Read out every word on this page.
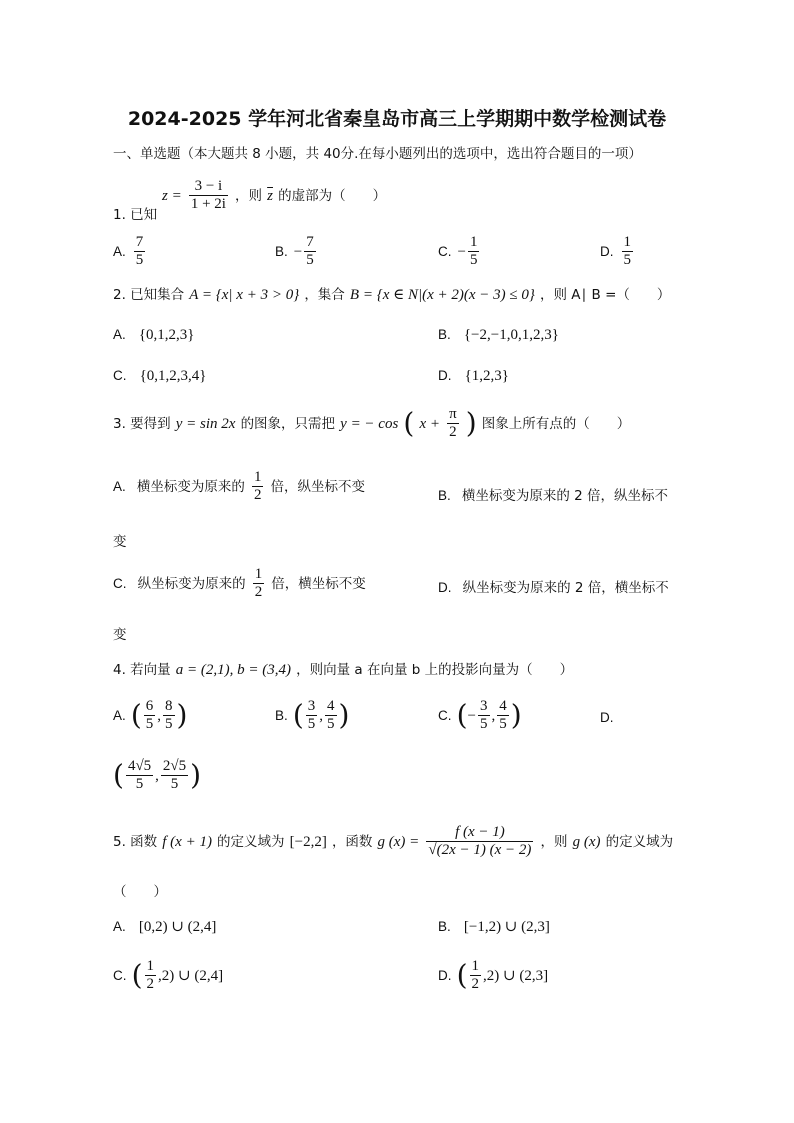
2024-2025 学年河北省秦皇岛市高三上学期期中数学检测试卷
一、单选题（本大题共 8 小题，共 40分.在每小题列出的选项中，选出符合题目的一项）
1. 已知
$z = \frac{3 - i}{1 + 2i}$ ，则 $\overline{z}$ 的虚部为（　　）
A. $\frac{7}{5}$	B. − $\frac{7}{5}$	C. − $\frac{1}{5}$	D. $\frac{1}{5}$
2. 已知集合 A = {x| x + 3 > 0} ，集合 B = {x ∈ N|(x + 2)(x − 3) ≤ 0} ，则 A∣ B =（　　）
A. {0,1,2,3}	B. {−2,−1,0,1,2,3}
C. {0,1,2,3,4}	D. {1,2,3}
3. 要得到 y = sin 2x 的图象，只需把 y = − cos ( $x + \frac{\pi}{2}$ ) 图象上所有点的（　　）
A. 横坐标变为原来的 $\frac{1}{2}$ 倍，纵坐标不变
B. 横坐标变为原来的 2 倍，纵坐标不
变
C. 纵坐标变为原来的 $\frac{1}{2}$ 倍，横坐标不变	D. 纵坐标变为原来的 2 倍，横坐标不
变
4. 若向量 a = (2,1), b = (3,4) ，则向量 a 在向量 b 上的投影向量为（　　）
A. ( $\frac{6}{5}$ , $\frac{8}{5}$ )	B. ( $\frac{3}{5}$ , $\frac{4}{5}$ )	C. (− $\frac{3}{5}$ , $\frac{4}{5}$ )	D.
( $\frac{4√5}{5}$ , $\frac{2√5}{5}$ )
5. 函数 f (x + 1) 的定义域为 [−2,2] ，函数 g $(x) = \frac{f (x - 1)}{√(2x - 1) (x - 2)}$ ，则 g (x) 的定义域为
（　　）
A. [0,2) ∪ (2,4]	B. [−1,2) ∪ (2,3]
C. ( $\frac{1}{2} ,2$) ∪ (2,4]	D. ( $\frac{1}{2} ,2$) ∪ (2,3]
